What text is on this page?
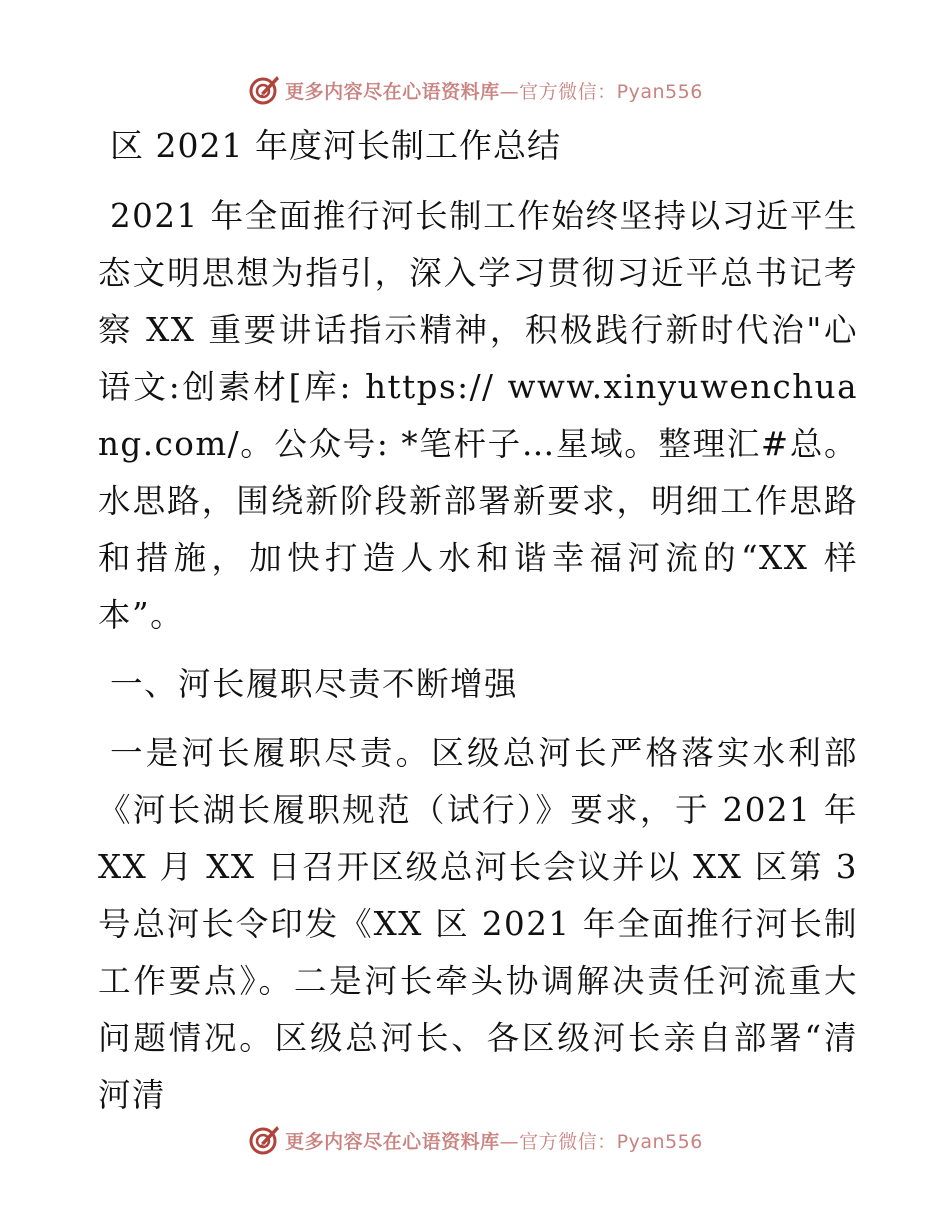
更多内容尽在心语资料库—官方微信：Pyan556
区 2021 年度河长制工作总结

2021 年全面推行河长制工作始终坚持以习近平生态文明思想为指引，深入学习贯彻习近平总书记考察 XX 重要讲话指示精神，积极践行新时代治"心语文:创素材[库: https:// www.xinyuwenchuang.com/。公众号: *笔杆子…星域。整理汇#总。水思路，围绕新阶段新部署新要求，明细工作思路和措施，加快打造人水和谐幸福河流的“XX 样本”。

一、河长履职尽责不断增强

一是河长履职尽责。区级总河长严格落实水利部《河长湖长履职规范（试行）》要求，于 2021 年 XX 月 XX 日召开区级总河长会议并以 XX 区第 3 号总河长令印发《XX 区 2021 年全面推行河长制工作要点》。二是河长牵头协调解决责任河流重大问题情况。区级总河长、各区级河长亲自部署“清河清

更多内容尽在心语资料库—官方微信：Pyan556
